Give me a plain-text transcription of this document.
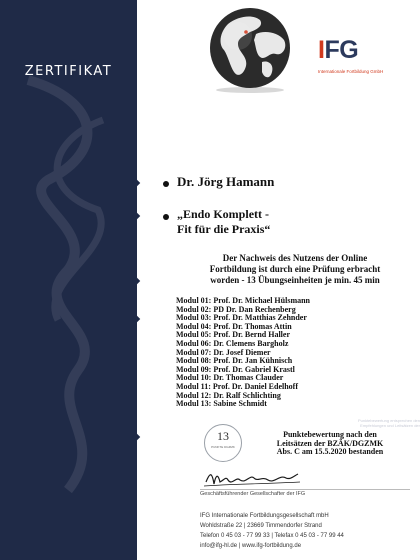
ZERTIFIKAT
Name
Seminar
Datum
Referent/
Referenten
Punktebewertung entsprechen den
Empfehlungen und Leitsätzen der
BZÄK / DGZMK:
IFG
Internationale Fortbildung GmbH
Dr. Jörg Hamann
„Endo Komplett -
Fit für die Praxis“
Der Nachweis des Nutzens der Online
Fortbildung ist durch eine Prüfung erbracht
worden - 13 Übungseinheiten je min. 45 min
Modul 01: Prof. Dr. Michael Hülsmann
Modul 02: PD Dr. Dan Rechenberg
Modul 03: Prof. Dr. Matthias Zehnder
Modul 04: Prof. Dr. Thomas Attin
Modul 05: Prof. Dr. Bernd Haller
Modul 06: Dr. Clemens Bargholz
Modul 07: Dr. Josef Diemer
Modul 08: Prof. Dr. Jan Kühnisch
Modul 09: Prof. Dr. Gabriel Krastl
Modul 10: Dr. Thomas Clauder
Modul 11: Prof. Dr. Daniel Edelhoff
Modul 12: Dr. Ralf Schlichting
Modul 13: Sabine Schmidt
13
PUNKTE DGZMK
Punktebewertung nach den
Leitsätzen der BZÄK/DGZMK
Abs. C am 15.5.2020 bestanden
Geschäftsführender Gesellschafter der IFG
IFG Internationale Fortbildungsgesellschaft mbH
Wohldstraße 22 | 23669 Timmendorfer Strand
Telefon 0 45 03 - 77 99 33 | Telefax 0 45 03 - 77 99 44
info@ifg-hl.de | www.ifg-fortbildung.de
